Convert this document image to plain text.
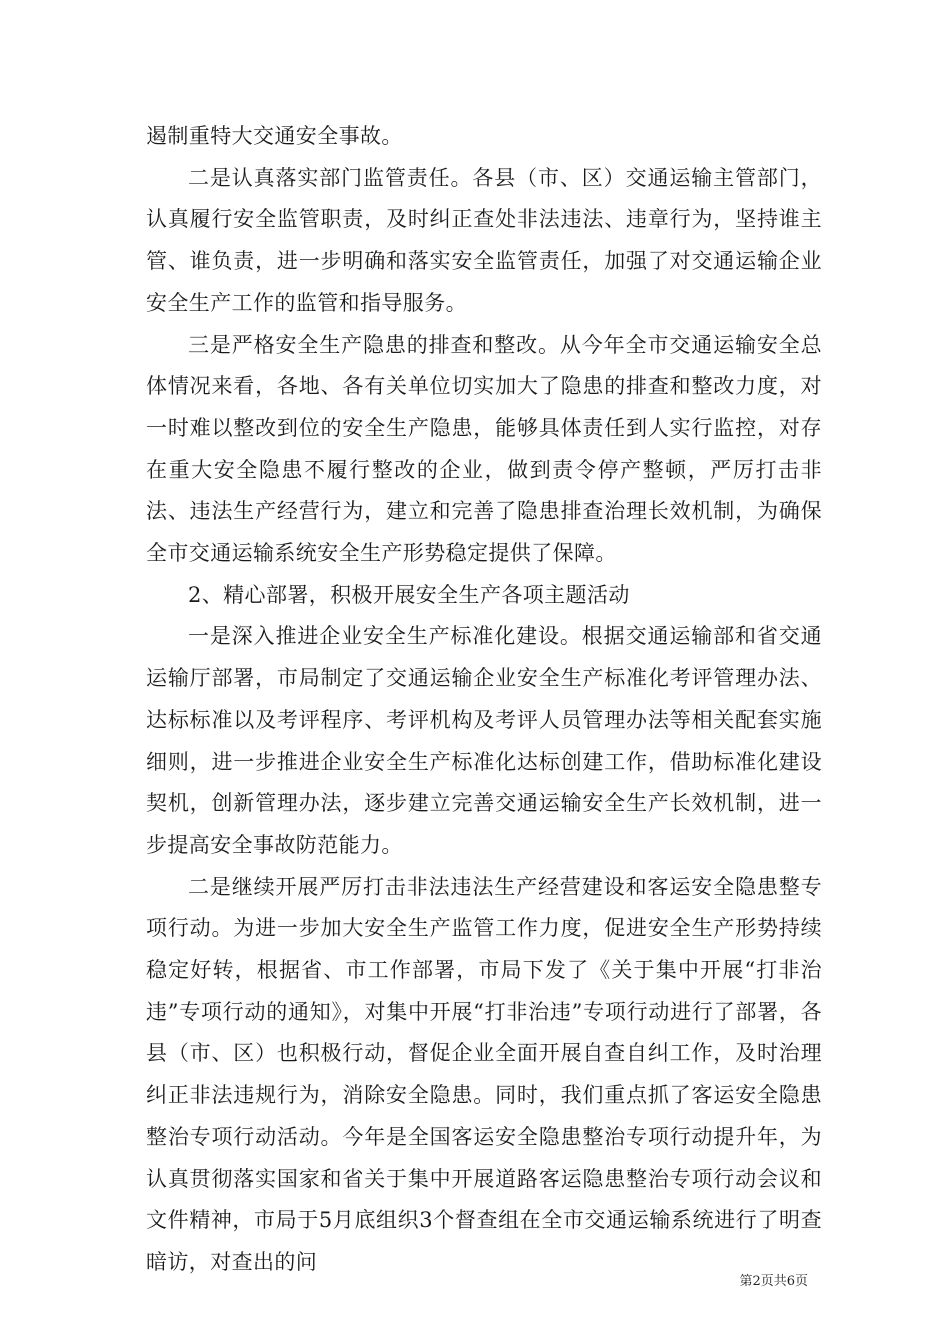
遏制重特大交通安全事故。

二是认真落实部门监管责任。各县（市、区）交通运输主管部门，认真履行安全监管职责，及时纠正查处非法违法、违章行为，坚持谁主管、谁负责，进一步明确和落实安全监管责任，加强了对交通运输企业安全生产工作的监管和指导服务。

三是严格安全生产隐患的排查和整改。从今年全市交通运输安全总体情况来看，各地、各有关单位切实加大了隐患的排查和整改力度，对一时难以整改到位的安全生产隐患，能够具体责任到人实行监控，对存在重大安全隐患不履行整改的企业，做到责令停产整顿，严厉打击非法、违法生产经营行为，建立和完善了隐患排查治理长效机制，为确保全市交通运输系统安全生产形势稳定提供了保障。

2、精心部署，积极开展安全生产各项主题活动

一是深入推进企业安全生产标准化建设。根据交通运输部和省交通运输厅部署，市局制定了交通运输企业安全生产标准化考评管理办法、达标标准以及考评程序、考评机构及考评人员管理办法等相关配套实施细则，进一步推进企业安全生产标准化达标创建工作，借助标准化建设契机，创新管理办法，逐步建立完善交通运输安全生产长效机制，进一步提高安全事故防范能力。

二是继续开展严厉打击非法违法生产经营建设和客运安全隐患整专项行动。为进一步加大安全生产监管工作力度，促进安全生产形势持续稳定好转，根据省、市工作部署，市局下发了《关于集中开展“打非治违”专项行动的通知》，对集中开展“打非治违”专项行动进行了部署，各县（市、区）也积极行动，督促企业全面开展自查自纠工作，及时治理纠正非法违规行为，消除安全隐患。同时，我们重点抓了客运安全隐患整治专项行动活动。今年是全国客运安全隐患整治专项行动提升年，为认真贯彻落实国家和省关于集中开展道路客运隐患整治专项行动会议和文件精神，市局于5月底组织3个督查组在全市交通运输系统进行了明查暗访，对查出的问

第2页共6页
